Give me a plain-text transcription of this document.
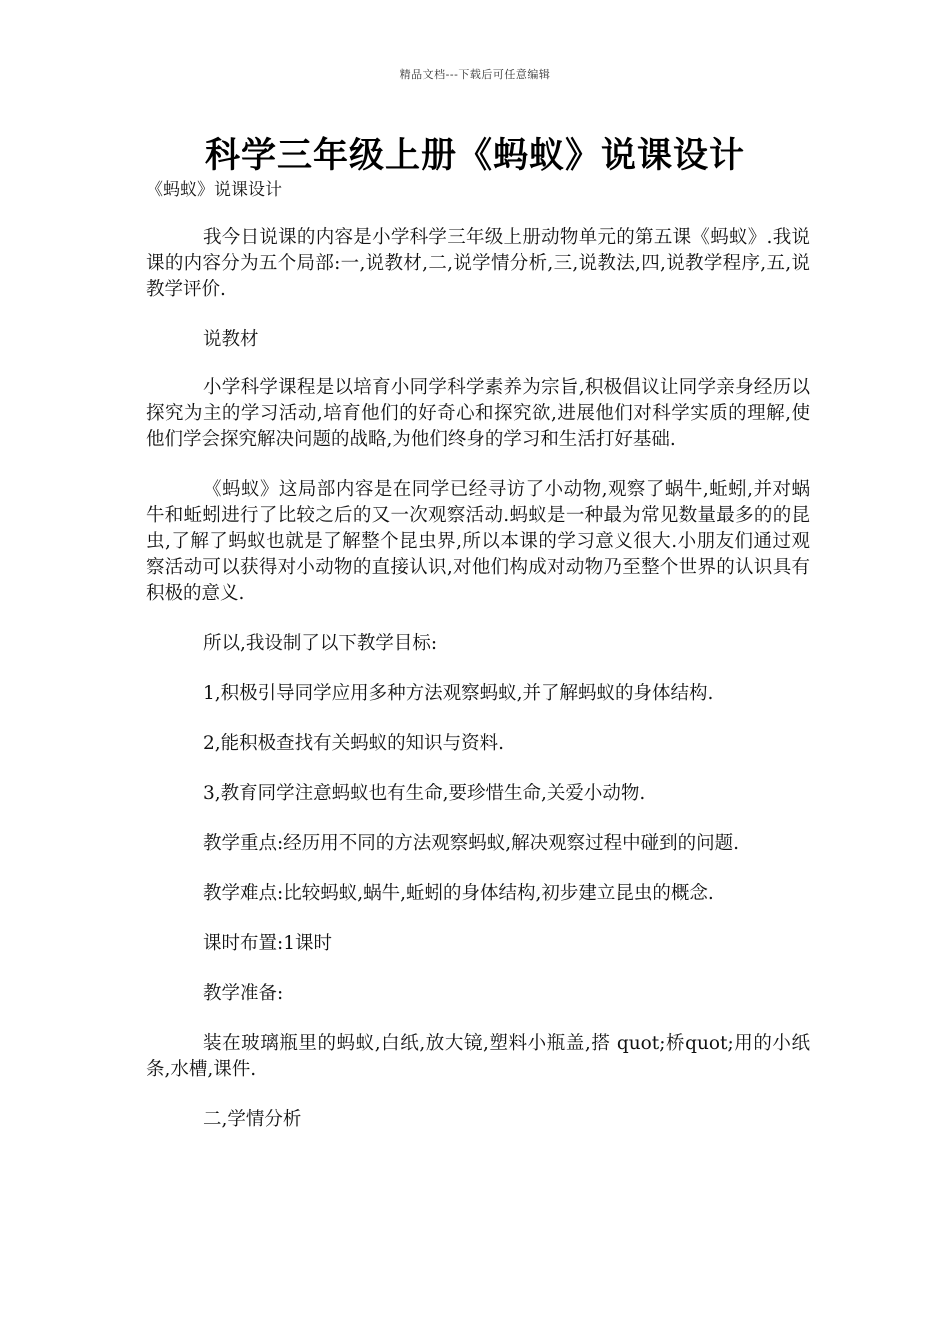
精品文档---下载后可任意编辑
科学三年级上册《蚂蚁》说课设计
《蚂蚁》说课设计

我今日说课的内容是小学科学三年级上册动物单元的第五课《蚂蚁》.我说课的内容分为五个局部:一,说教材,二,说学情分析,三,说教法,四,说教学程序,五,说教学评价.

说教材

小学科学课程是以培育小同学科学素养为宗旨,积极倡议让同学亲身经历以探究为主的学习活动,培育他们的好奇心和探究欲,进展他们对科学实质的理解,使他们学会探究解决问题的战略,为他们终身的学习和生活打好基础.

《蚂蚁》这局部内容是在同学已经寻访了小动物,观察了蜗牛,蚯蚓,并对蜗牛和蚯蚓进行了比较之后的又一次观察活动.蚂蚁是一种最为常见数量最多的的昆虫,了解了蚂蚁也就是了解整个昆虫界,所以本课的学习意义很大.小朋友们通过观察活动可以获得对小动物的直接认识,对他们构成对动物乃至整个世界的认识具有积极的意义.

所以,我设制了以下教学目标:

1,积极引导同学应用多种方法观察蚂蚁,并了解蚂蚁的身体结构.

2,能积极查找有关蚂蚁的知识与资料.

3,教育同学注意蚂蚁也有生命,要珍惜生命,关爱小动物.

教学重点:经历用不同的方法观察蚂蚁,解决观察过程中碰到的问题.

教学难点:比较蚂蚁,蜗牛,蚯蚓的身体结构,初步建立昆虫的概念.

课时布置:1课时

教学准备:

装在玻璃瓶里的蚂蚁,白纸,放大镜,塑料小瓶盖,搭 quot;桥quot;用的小纸条,水槽,课件.

二,学情分析
